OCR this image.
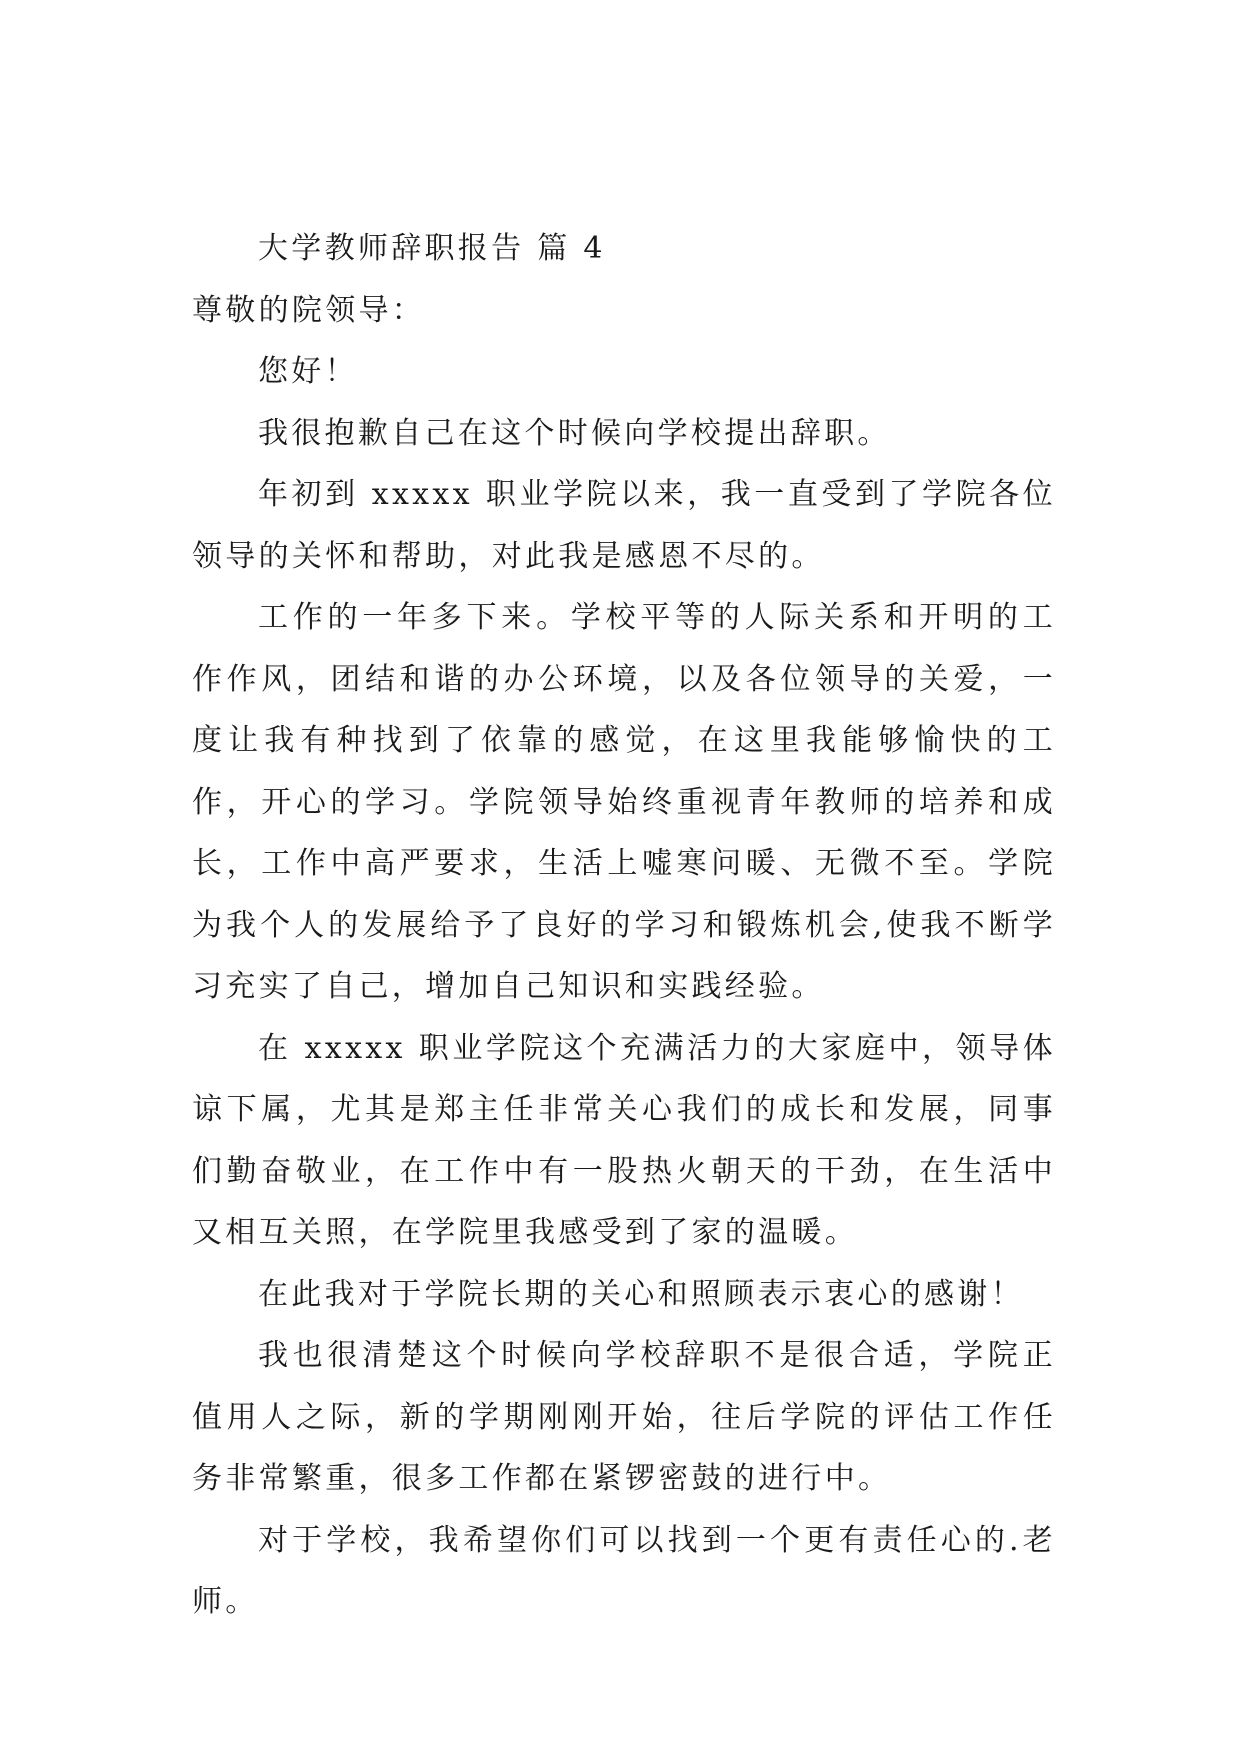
大学教师辞职报告 篇 4
尊敬的院领导：

您好！

我很抱歉自己在这个时候向学校提出辞职。

年初到 xxxxx 职业学院以来，我一直受到了学院各位领导的关怀和帮助，对此我是感恩不尽的。

工作的一年多下来。学校平等的人际关系和开明的工作作风，团结和谐的办公环境，以及各位领导的关爱，一度让我有种找到了依靠的感觉，在这里我能够愉快的工作，开心的学习。学院领导始终重视青年教师的培养和成长，工作中高严要求，生活上嘘寒问暖、无微不至。学院为我个人的发展给予了良好的学习和锻炼机会,使我不断学习充实了自己，增加自己知识和实践经验。

在 xxxxx 职业学院这个充满活力的大家庭中，领导体谅下属，尤其是郑主任非常关心我们的成长和发展，同事们勤奋敬业，在工作中有一股热火朝天的干劲，在生活中又相互关照，在学院里我感受到了家的温暖。

在此我对于学院长期的关心和照顾表示衷心的感谢！

我也很清楚这个时候向学校辞职不是很合适，学院正值用人之际，新的学期刚刚开始，往后学院的评估工作任务非常繁重，很多工作都在紧锣密鼓的进行中。

对于学校，我希望你们可以找到一个更有责任心的.老师。
